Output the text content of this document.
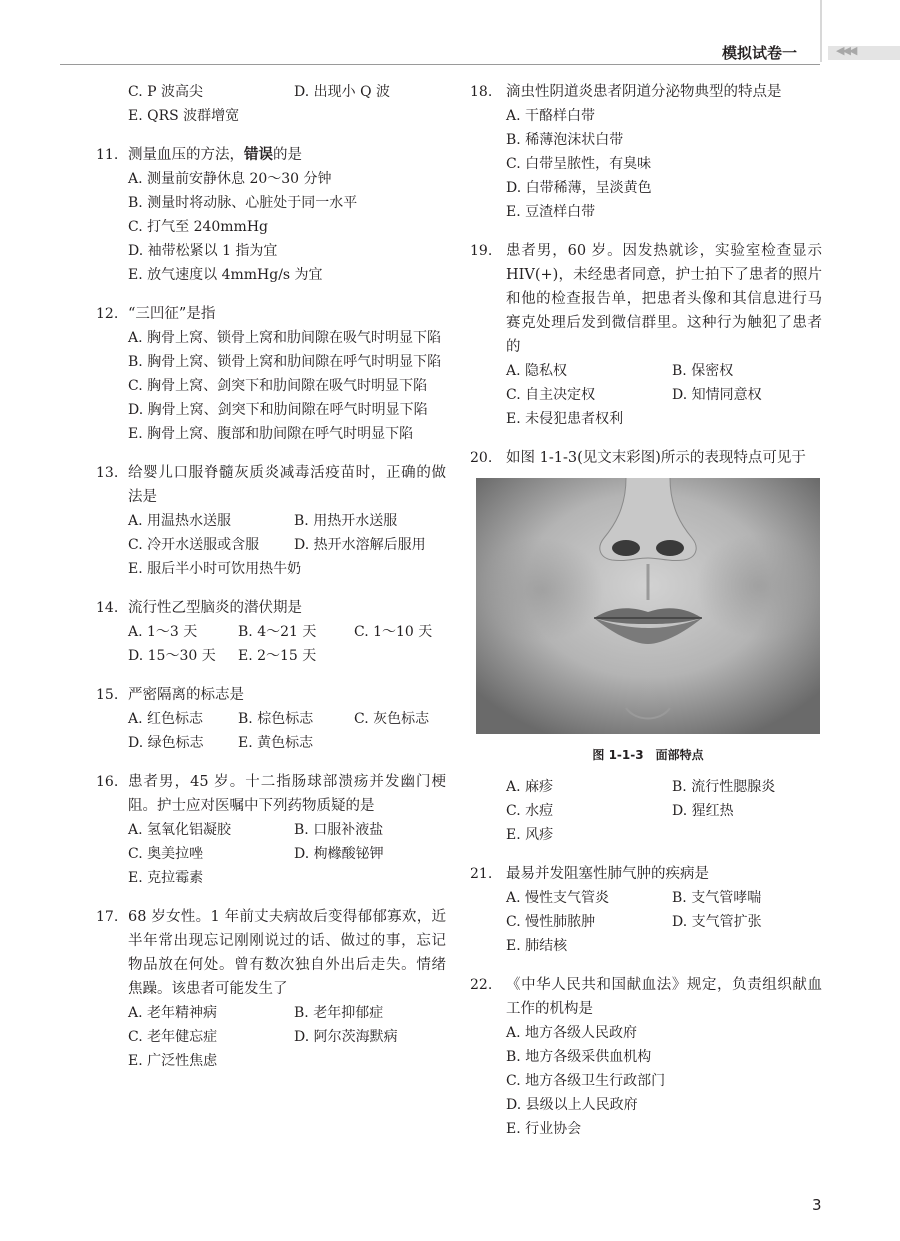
模拟试卷一	◀◀◀
C. P 波高尖	D. 出现小 Q 波
E. QRS 波群增宽
11. 测量血压的方法，错误的是
A. 测量前安静休息 20～30 分钟
B. 测量时将动脉、心脏处于同一水平
C. 打气至 240mmHg
D. 袖带松紧以 1 指为宜
E. 放气速度以 4mmHg/s 为宜
12. “三凹征”是指
A. 胸骨上窝、锁骨上窝和肋间隙在吸气时明显下陷
B. 胸骨上窝、锁骨上窝和肋间隙在呼气时明显下陷
C. 胸骨上窝、剑突下和肋间隙在吸气时明显下陷
D. 胸骨上窝、剑突下和肋间隙在呼气时明显下陷
E. 胸骨上窝、腹部和肋间隙在呼气时明显下陷
13. 给婴儿口服脊髓灰质炎减毒活疫苗时，正确的做法是
A. 用温热水送服	B. 用热开水送服
C. 冷开水送服或含服	D. 热开水溶解后服用
E. 服后半小时可饮用热牛奶
14. 流行性乙型脑炎的潜伏期是
A. 1～3 天	B. 4～21 天	C. 1～10 天
D. 15～30 天	E. 2～15 天
15. 严密隔离的标志是
A. 红色标志	B. 棕色标志	C. 灰色标志
D. 绿色标志	E. 黄色标志
16. 患者男，45 岁。十二指肠球部溃疡并发幽门梗阻。护士应对医嘱中下列药物质疑的是
A. 氢氧化铝凝胶	B. 口服补液盐
C. 奥美拉唑	D. 枸橼酸铋钾
E. 克拉霉素
17. 68 岁女性。1 年前丈夫病故后变得郁郁寡欢，近半年常出现忘记刚刚说过的话、做过的事，忘记物品放在何处。曾有数次独自外出后走失。情绪焦躁。该患者可能发生了
A. 老年精神病	B. 老年抑郁症
C. 老年健忘症	D. 阿尔茨海默病
E. 广泛性焦虑
18. 滴虫性阴道炎患者阴道分泌物典型的特点是
A. 干酪样白带
B. 稀薄泡沫状白带
C. 白带呈脓性，有臭味
D. 白带稀薄，呈淡黄色
E. 豆渣样白带
19. 患者男，60 岁。因发热就诊，实验室检查显示 HIV(+)，未经患者同意，护士拍下了患者的照片和他的检查报告单，把患者头像和其信息进行马赛克处理后发到微信群里。这种行为触犯了患者的
A. 隐私权	B. 保密权
C. 自主决定权	D. 知情同意权
E. 未侵犯患者权利
20. 如图 1-1-3(见文末彩图)所示的表现特点可见于
图 1-1-3　面部特点
A. 麻疹	B. 流行性腮腺炎
C. 水痘	D. 猩红热
E. 风疹
21. 最易并发阻塞性肺气肿的疾病是
A. 慢性支气管炎	B. 支气管哮喘
C. 慢性肺脓肿	D. 支气管扩张
E. 肺结核
22. 《中华人民共和国献血法》规定，负责组织献血工作的机构是
A. 地方各级人民政府
B. 地方各级采供血机构
C. 地方各级卫生行政部门
D. 县级以上人民政府
E. 行业协会
3
